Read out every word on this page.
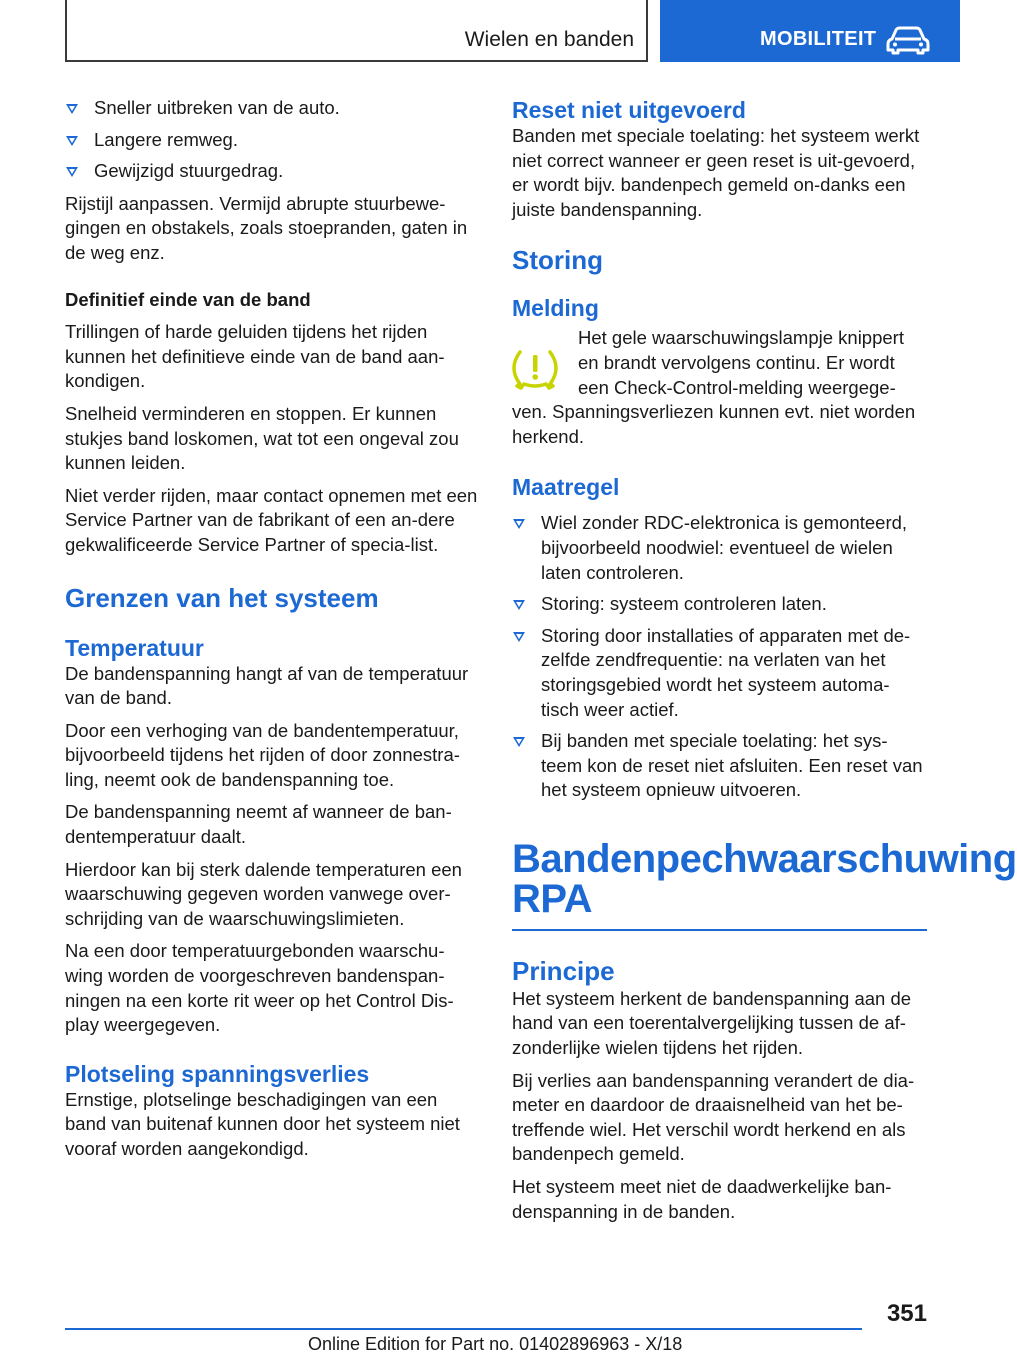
Wielen en banden	MOBILITEIT
Sneller uitbreken van de auto.
Langere remweg.
Gewijzigd stuurgedrag.

Rijstijl aanpassen. Vermijd abrupte stuurbewe-gingen en obstakels, zoals stoepranden, gaten in de weg enz.

Definitief einde van de band

Trillingen of harde geluiden tijdens het rijden kunnen het definitieve einde van de band aan-kondigen.

Snelheid verminderen en stoppen. Er kunnen stukjes band loskomen, wat tot een ongeval zou kunnen leiden.

Niet verder rijden, maar contact opnemen met een Service Partner van de fabrikant of een an-dere gekwalificeerde Service Partner of specia-list.

Grenzen van het systeem
Temperatuur

De bandenspanning hangt af van de temperatuur van de band.

Door een verhoging van de bandentemperatuur, bijvoorbeeld tijdens het rijden of door zonnestra-ling, neemt ook de bandenspanning toe.

De bandenspanning neemt af wanneer de ban-dentemperatuur daalt.

Hierdoor kan bij sterk dalende temperaturen een waarschuwing gegeven worden vanwege over-schrijding van de waarschuwingslimieten.

Na een door temperatuurgebonden waarschu-wing worden de voorgeschreven bandenspan-ningen na een korte rit weer op het Control Dis-play weergegeven.

Plotseling spanningsverlies

Ernstige, plotselinge beschadigingen van een band van buitenaf kunnen door het systeem niet vooraf worden aangekondigd.

Reset niet uitgevoerd

Banden met speciale toelating: het systeem werkt niet correct wanneer er geen reset is uit-gevoerd, er wordt bijv. bandenpech gemeld on-danks een juiste bandenspanning.

Storing
Melding
Het gele waarschuwingslampje knippert
en brandt vervolgens continu. Er wordt
een Check-Control-melding weergege-
ven. Spanningsverliezen kunnen evt. niet worden herkend.
Maatregel
Wiel zonder RDC-elektronica is gemonteerd, bijvoorbeeld noodwiel: eventueel de wielen laten controleren.
Storing: systeem controleren laten.
Storing door installaties of apparaten met de-zelfde zendfrequentie: na verlaten van het storingsgebied wordt het systeem automa-tisch weer actief.
Bij banden met speciale toelating: het sys-teem kon de reset niet afsluiten. Een reset van het systeem opnieuw uitvoeren.
Bandenpechwaarschuwing RPA
Principe

Het systeem herkent de bandenspanning aan de hand van een toerentalvergelijking tussen de af-zonderlijke wielen tijdens het rijden.

Bij verlies aan bandenspanning verandert de dia-meter en daardoor de draaisnelheid van het be-treffende wiel. Het verschil wordt herkend en als bandenpech gemeld.

Het systeem meet niet de daadwerkelijke ban-denspanning in de banden.

351
Online Edition for Part no. 01402896963 - X/18
